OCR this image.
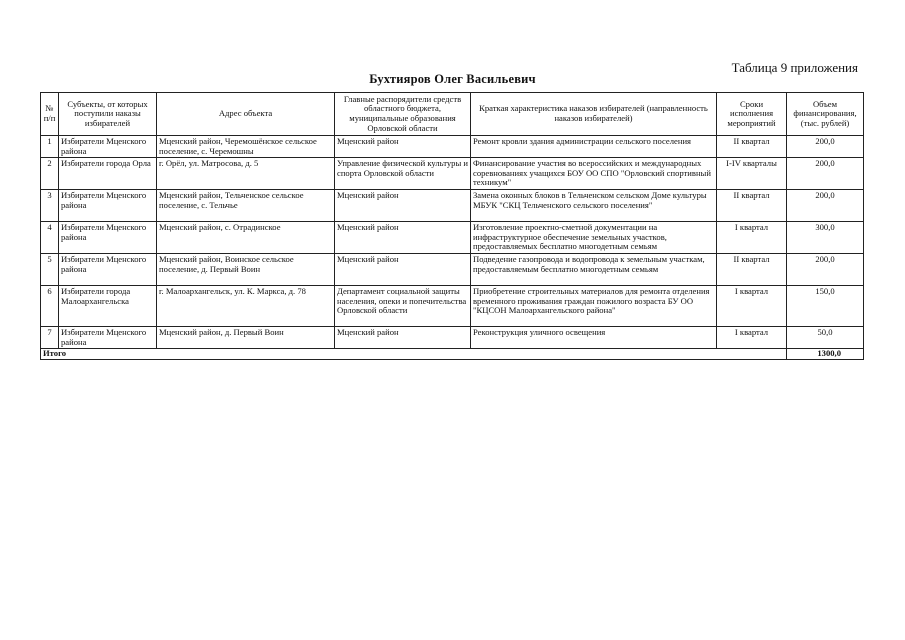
Таблица 9 приложения
Бухтияров Олег Васильевич
№ п/п	Субъекты, от которых поступили наказы избирателей	Адрес объекта	Главные распорядители средств областного бюджета, муниципальные образования Орловской области	Краткая характеристика наказов избирателей (направленность наказов избирателей)	Сроки исполнения мероприятий	Объем финансирования, (тыс. рублей)
1	Избиратели Мценского района	Мценский район, Черемошёнское сельское поселение, с. Черемошны	Мценский район	Ремонт кровли здания администрации сельского поселения	II квартал	200,0
2	Избиратели города Орла	г. Орёл, ул. Матросова, д. 5	Управление физической культуры и спорта Орловской области	Финансирование участия во всероссийских и международных соревнованиях учащихся БОУ ОО СПО "Орловский спортивный техникум"	I-IV кварталы	200,0
3	Избиратели Мценского района	Мценский район, Тельченское сельское поселение, с. Тельчье	Мценский район	Замена оконных блоков в Тельченском сельском Доме культуры МБУК "СКЦ Тельченского сельского поселения"	II квартал	200,0
4	Избиратели Мценского района	Мценский район, с. Отрадинское	Мценский район	Изготовление проектно-сметной документации на инфраструктурное обеспечение земельных участков, предоставляемых бесплатно многодетным семьям	I квартал	300,0
5	Избиратели Мценского района	Мценский район, Воинское сельское поселение, д. Первый Воин	Мценский район	Подведение газопровода и водопровода к земельным участкам, предоставляемым бесплатно многодетным семьям	II квартал	200,0
6	Избиратели города Малоархангельска	г. Малоархангельск, ул. К. Маркса, д. 78	Департамент социальной защиты населения, опеки и попечительства Орловской области	Приобретение строительных материалов для ремонта отделения временного проживания граждан пожилого возраста БУ ОО "КЦСОН Малоархангельского района"	I квартал	150,0
7	Избиратели Мценского района	Мценский район, д. Первый Воин	Мценский район	Реконструкция уличного освещения	I квартал	50,0
Итого						1300,0
